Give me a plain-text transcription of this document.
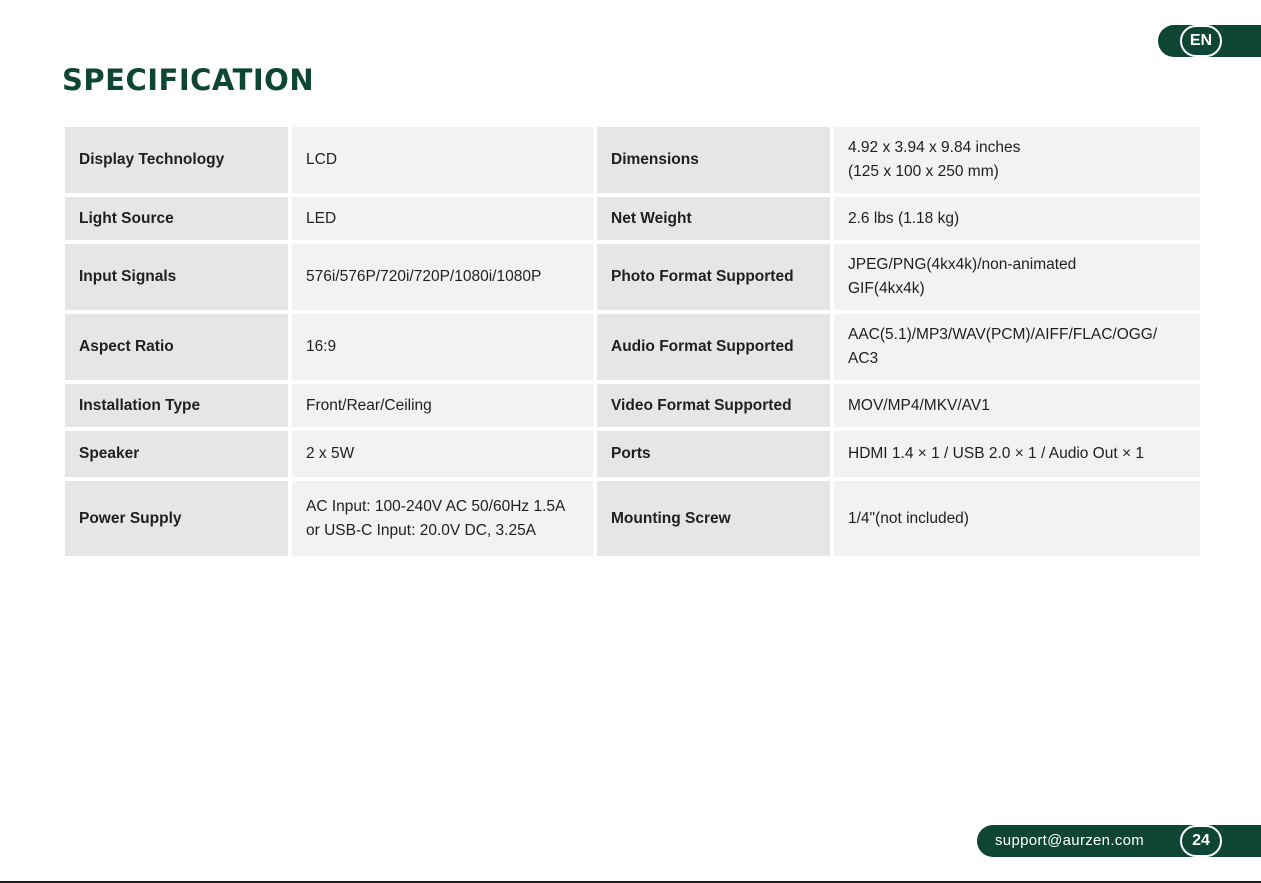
EN
SPECIFICATION
Display Technology	LCD	Dimensions	4.92 x 3.94 x 9.84 inches
(125 x 100 x 250 mm)

Light Source	LED	Net Weight	2.6 lbs (1.18 kg)

Input Signals	576i/576P/720i/720P/1080i/1080P	Photo Format Supported	JPEG/PNG(4kx4k)/non-animated
GIF(4kx4k)

Aspect Ratio	16:9	Audio Format Supported	AAC(5.1)/MP3/WAV(PCM)/AIFF/FLAC/OGG/
AC3

Installation Type	Front/Rear/Ceiling	Video Format Supported	MOV/MP4/MKV/AV1

Speaker	2 x 5W	Ports	HDMI 1.4 × 1 / USB 2.0 × 1 / Audio Out × 1

Power Supply	AC Input: 100-240V AC 50/60Hz 1.5A
or USB-C Input: 20.0V DC, 3.25A	Mounting Screw	1/4"(not included)
support@aurzen.com	24
